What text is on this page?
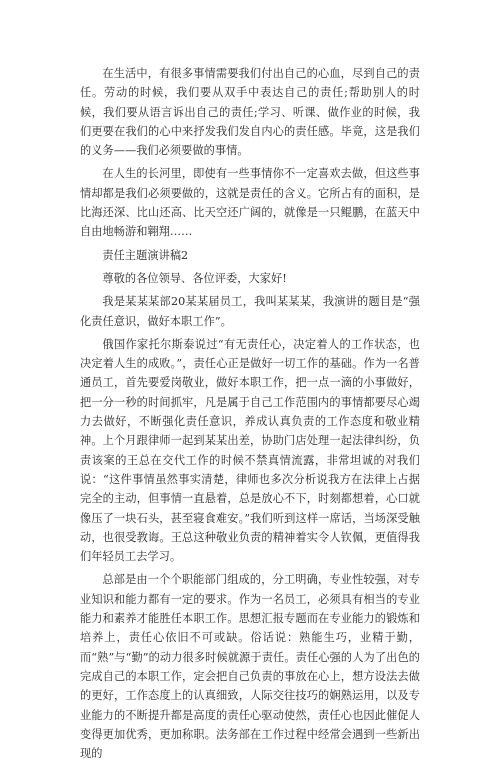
在生活中，有很多事情需要我们付出自己的心血，尽到自己的责任。劳动的时候，我们要从双手中表达自己的责任;帮助别人的时候，我们要从语言诉出自己的责任;学习、听课、做作业的时候，我们更要在我们的心中来抒发我们发自内心的责任感。毕竟，这是我们的义务——我们必须要做的事情。

在人生的长河里，即使有一些事情你不一定喜欢去做，但这些事情却都是我们必须要做的，这就是责任的含义。它所占有的面积，是比海还深、比山还高、比天空还广阔的，就像是一只鲲鹏，在蓝天中自由地畅游和翱翔……

责任主题演讲稿2

尊敬的各位领导、各位评委，大家好!

我是某某某部20某某届员工，我叫某某某，我演讲的题目是“强化责任意识，做好本职工作”。

俄国作家托尔斯泰说过“有无责任心，决定着人的工作状态，也决定着人生的成败。”，责任心正是做好一切工作的基础。作为一名普通员工，首先要爱岗敬业，做好本职工作，把一点一滴的小事做好，把一分一秒的时间抓牢，凡是属于自己工作范围内的事情都要尽心竭力去做好，不断强化责任意识，养成认真负责的工作态度和敬业精神。上个月跟律师一起到某某出差，协助门店处理一起法律纠纷，负责该案的王总在交代工作的时候不禁真情流露，非常坦诚的对我们说：“这件事情虽然事实清楚，律师也多次分析说我方在法律上占据完全的主动，但事情一直悬着，总是放心不下，时刻都想着，心口就像压了一块石头，甚至寝食难安。”我们听到这样一席话，当场深受触动，也很受教诲。王总这种敬业负责的精神着实令人钦佩，更值得我们年轻员工去学习。

总部是由一个个职能部门组成的，分工明确，专业性较强，对专业知识和能力都有一定的要求。作为一名员工，必须具有相当的专业能力和素养才能胜任本职工作。思想汇报专题而在专业能力的锻炼和培养上，责任心依旧不可或缺。俗话说：熟能生巧，业精于勤，而“熟”与“勤”的动力很多时候就源于责任。责任心强的人为了出色的完成自己的本职工作，定会把自己负责的事放在心上，想方设法去做的更好，工作态度上的认真细致，人际交往技巧的娴熟运用，以及专业能力的不断提升都是高度的责任心驱动使然，责任心也因此催促人变得更加优秀，更加称职。法务部在工作过程中经常会遇到一些新出现的
